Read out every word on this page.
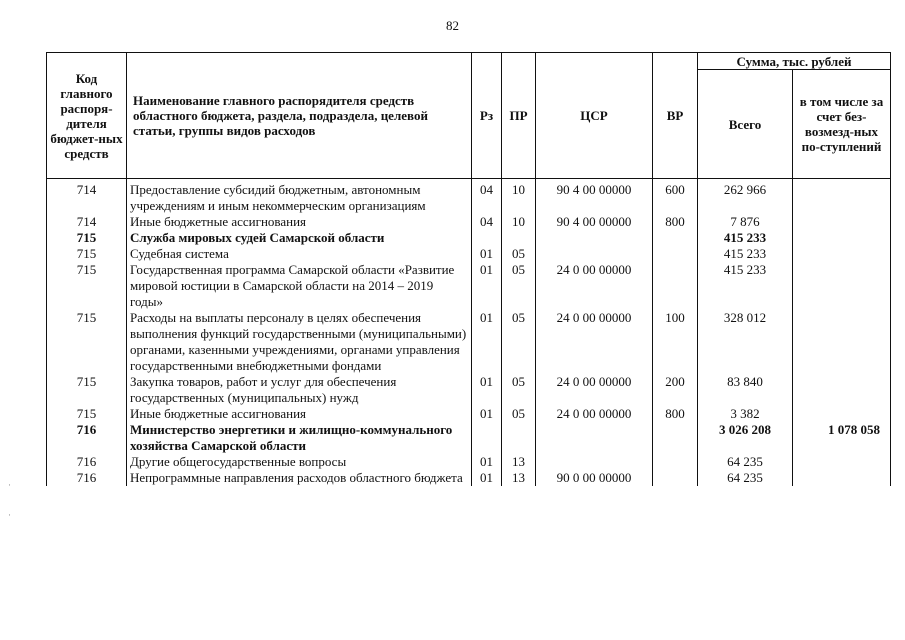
82
Код главного распоря-дителя бюджет-ных средств	Наименование главного распорядителя средств областного бюджета, раздела, подраздела, целевой статьи, группы видов расходов	Рз	ПР	ЦСР	ВР	Сумма, тыс. рублей	
						Всего	в том числе за счет без-возмезд-ных по-ступлений
714	Предоставление субсидий бюджетным, автономным учреждениям и иным некоммерческим организациям	04	10	90 4 00 00000	600	262 966	
714	Иные бюджетные ассигнования	04	10	90 4 00 00000	800	7 876	
715	Служба мировых судей Самарской области					415 233	
715	Судебная система	01	05			415 233	
715	Государственная программа Самарской области «Развитие мировой юстиции в Самарской области на 2014 – 2019 годы»	01	05	24 0 00 00000		415 233	
715	Расходы на выплаты персоналу в целях обеспечения выполнения функций государственными (муниципальными) органами, казенными учреждениями, органами управления государственными внебюджетными фондами	01	05	24 0 00 00000	100	328 012	
715	Закупка товаров, работ и услуг для обеспечения государственных (муниципальных) нужд	01	05	24 0 00 00000	200	83 840	
715	Иные бюджетные ассигнования	01	05	24 0 00 00000	800	3 382	
716	Министерство энергетики и жилищно-коммунального хозяйства Самарской области					3 026 208	1 078 058
716	Другие общегосударственные вопросы	01	13			64 235	
716	Непрограммные направления расходов областного бюджета	01	13	90 0 00 00000		64 235	
·
·
